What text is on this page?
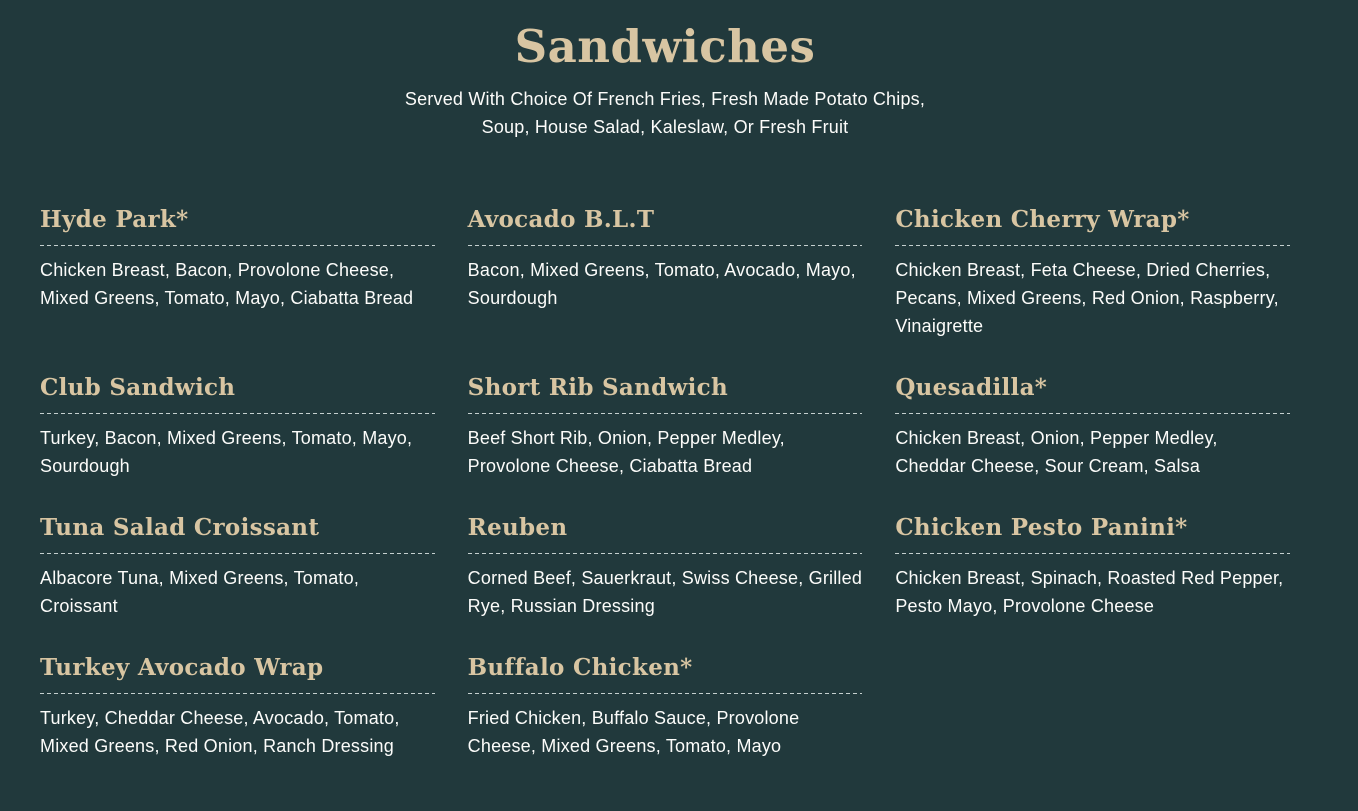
Sandwiches
Served With Choice Of French Fries, Fresh Made Potato Chips,
Soup, House Salad, Kaleslaw, Or Fresh Fruit
Hyde Park*

Chicken Breast, Bacon, Provolone Cheese, Mixed Greens, Tomato, Mayo, Ciabatta Bread

Avocado B.L.T

Bacon, Mixed Greens, Tomato, Avocado, Mayo, Sourdough

Chicken Cherry Wrap*

Chicken Breast, Feta Cheese, Dried Cherries, Pecans, Mixed Greens, Red Onion, Raspberry, Vinaigrette

Club Sandwich

Turkey, Bacon, Mixed Greens, Tomato, Mayo, Sourdough

Short Rib Sandwich

Beef Short Rib, Onion, Pepper Medley, Provolone Cheese, Ciabatta Bread

Quesadilla*

Chicken Breast, Onion, Pepper Medley, Cheddar Cheese, Sour Cream, Salsa

Tuna Salad Croissant

Albacore Tuna, Mixed Greens, Tomato, Croissant

Reuben

Corned Beef, Sauerkraut, Swiss Cheese, Grilled Rye, Russian Dressing

Chicken Pesto Panini*

Chicken Breast, Spinach, Roasted Red Pepper, Pesto Mayo, Provolone Cheese

Turkey Avocado Wrap

Turkey, Cheddar Cheese, Avocado, Tomato, Mixed Greens, Red Onion, Ranch Dressing

Buffalo Chicken*

Fried Chicken, Buffalo Sauce, Provolone Cheese, Mixed Greens, Tomato, Mayo
